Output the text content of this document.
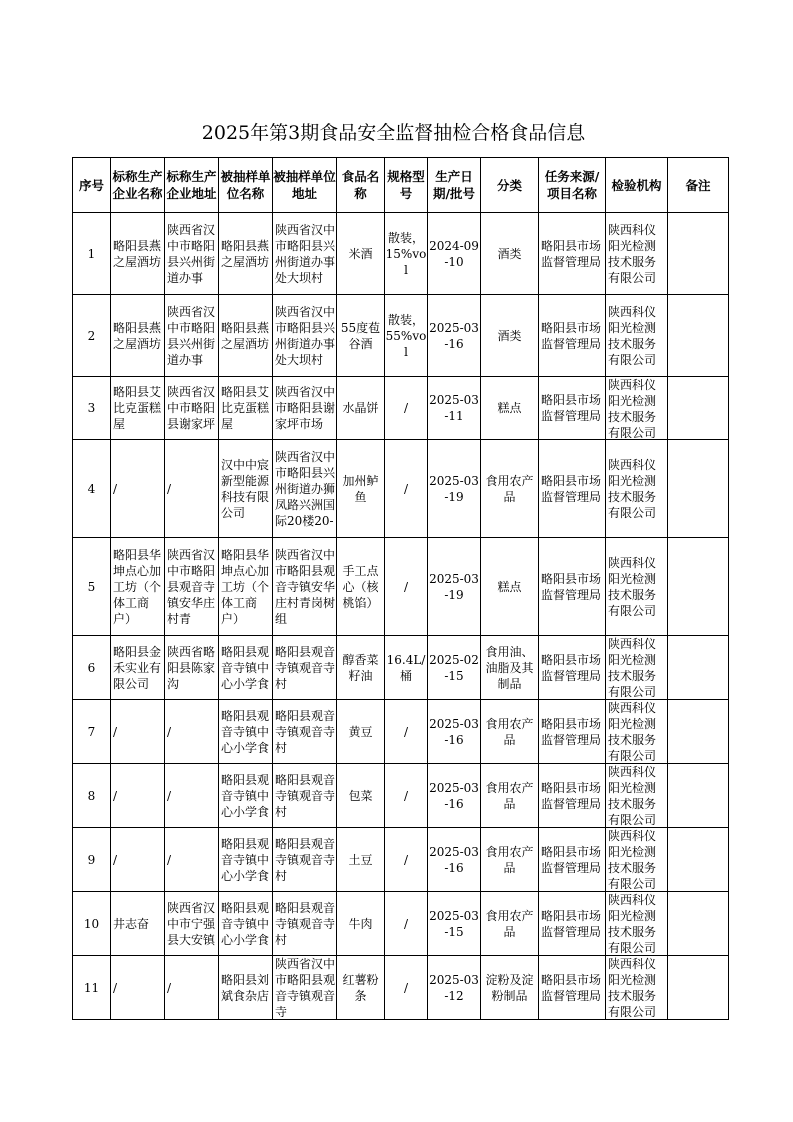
2025年第3期食品安全监督抽检合格食品信息
序号	标称生产企业名称	标称生产企业地址	被抽样单位名称	被抽样单位地址	食品名称	规格型号	生产日期/批号	分类	任务来源/项目名称	检验机构	备注

1	略阳县燕之屋酒坊	陕西省汉中市略阳县兴州街道办事	略阳县燕之屋酒坊	陕西省汉中市略阳县兴州街道办事处大坝村	米酒	散装，15%vol	2024-09-10	酒类	略阳县市场监督管理局	陕西科仪阳光检测技术服务有限公司	

2	略阳县燕之屋酒坊	陕西省汉中市略阳县兴州街道办事	略阳县燕之屋酒坊	陕西省汉中市略阳县兴州街道办事处大坝村	55度苞谷酒	散装，55%vol	2025-03-16	酒类	略阳县市场监督管理局	陕西科仪阳光检测技术服务有限公司	

3	略阳县艾比克蛋糕屋	陕西省汉中市略阳县谢家坪	略阳县艾比克蛋糕屋	陕西省汉中市略阳县谢家坪市场	水晶饼	/	2025-03-11	糕点	略阳县市场监督管理局	陕西科仪阳光检测技术服务有限公司	

4	/	/	汉中中宸新型能源科技有限公司	陕西省汉中市略阳县兴州街道办狮凤路兴洲国际20楼20-	加州鲈鱼	/	2025-03-19	食用农产品	略阳县市场监督管理局	陕西科仪阳光检测技术服务有限公司	

5	略阳县华坤点心加工坊（个体工商户）	陕西省汉中市略阳县观音寺镇安华庄村青	略阳县华坤点心加工坊（个体工商户）	陕西省汉中市略阳县观音寺镇安华庄村青岗树组	手工点心（核桃馅）	/	2025-03-19	糕点	略阳县市场监督管理局	陕西科仪阳光检测技术服务有限公司	

6	略阳县金禾实业有限公司	陕西省略阳县陈家沟	略阳县观音寺镇中心小学食	略阳县观音寺镇观音寺村	醇香菜籽油	16.4L/桶	2025-02-15	食用油、油脂及其制品	略阳县市场监督管理局	陕西科仪阳光检测技术服务有限公司	

7	/	/	略阳县观音寺镇中心小学食	略阳县观音寺镇观音寺村	黄豆	/	2025-03-16	食用农产品	略阳县市场监督管理局	陕西科仪阳光检测技术服务有限公司	

8	/	/	略阳县观音寺镇中心小学食	略阳县观音寺镇观音寺村	包菜	/	2025-03-16	食用农产品	略阳县市场监督管理局	陕西科仪阳光检测技术服务有限公司	

9	/	/	略阳县观音寺镇中心小学食	略阳县观音寺镇观音寺村	土豆	/	2025-03-16	食用农产品	略阳县市场监督管理局	陕西科仪阳光检测技术服务有限公司	

10	井志奋	陕西省汉中市宁强县大安镇	略阳县观音寺镇中心小学食	略阳县观音寺镇观音寺村	牛肉	/	2025-03-15	食用农产品	略阳县市场监督管理局	陕西科仪阳光检测技术服务有限公司	

11	/	/	略阳县刘斌食杂店	陕西省汉中市略阳县观音寺镇观音寺	红薯粉条	/	2025-03-12	淀粉及淀粉制品	略阳县市场监督管理局	陕西科仪阳光检测技术服务有限公司	
